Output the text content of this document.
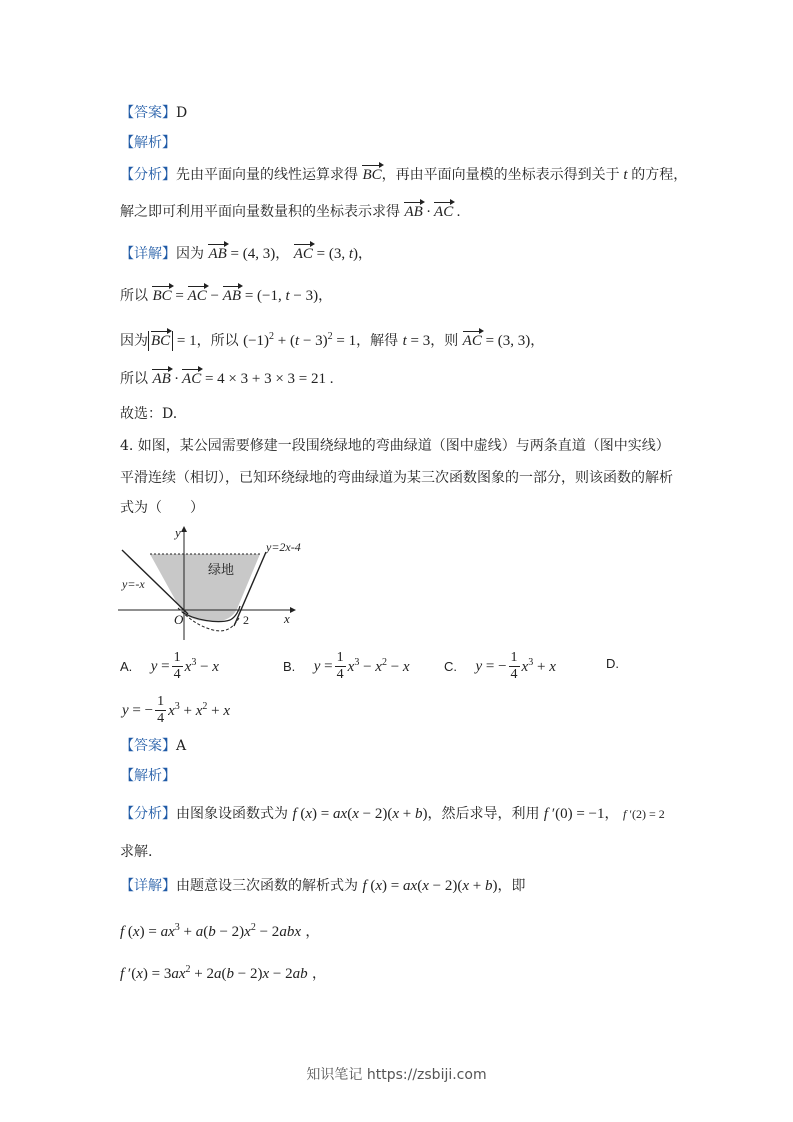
【答案】D
【解析】
【分析】先由平面向量的线性运算求得 BC，再由平面向量模的坐标表示得到关于 t 的方程，
解之即可利用平面向量数量积的坐标表示求得 AB · AC .
【详解】因为 AB = (4, 3)， AC = (3, t)，
所以 BC = AC − AB = (−1, t − 3)，
因为 BC = 1，所以 $(-1)^2 + (t - 3)^2 = 1$，解得 t = 3，则 AC = (3, 3)，
所以 AB · AC = 4 × 3 + 3 × 3 = 21 .
故选：D.
4. 如图，某公园需要修建一段围绕绿地的弯曲绿道（图中虚线）与两条直道（图中实线）
平滑连续（相切），已知环绕绿地的弯曲绿道为某三次函数图象的一部分，则该函数的解析
式为（　　）
绿地
y
x
O	2
y=-x
y=2x-4
A. $y = \frac{1}{4} x^3 - x$	B. $y = \frac{1}{4} x^3 - x^2 - x$	C. y = − $\frac{1}{4} x^3 + x$	D.
y = − $\frac{1}{4} x^3 + x^2 + x$
【答案】A
【解析】
【分析】由图象设函数式为 f (x) = ax(x − 2)(x + b)，然后求导，利用 f ′(0) = −1， f ′(2) = 2
求解.
【详解】由题意设三次函数的解析式为 f (x) = ax(x − 2)(x + b)，即
f $(x) = ax^3 + a(b - 2)x^2 - 2abx$ ，
f $'(x) = 3ax^2 + 2a(b - 2)x - 2ab$ ，
知识笔记 https://zsbiji.com
